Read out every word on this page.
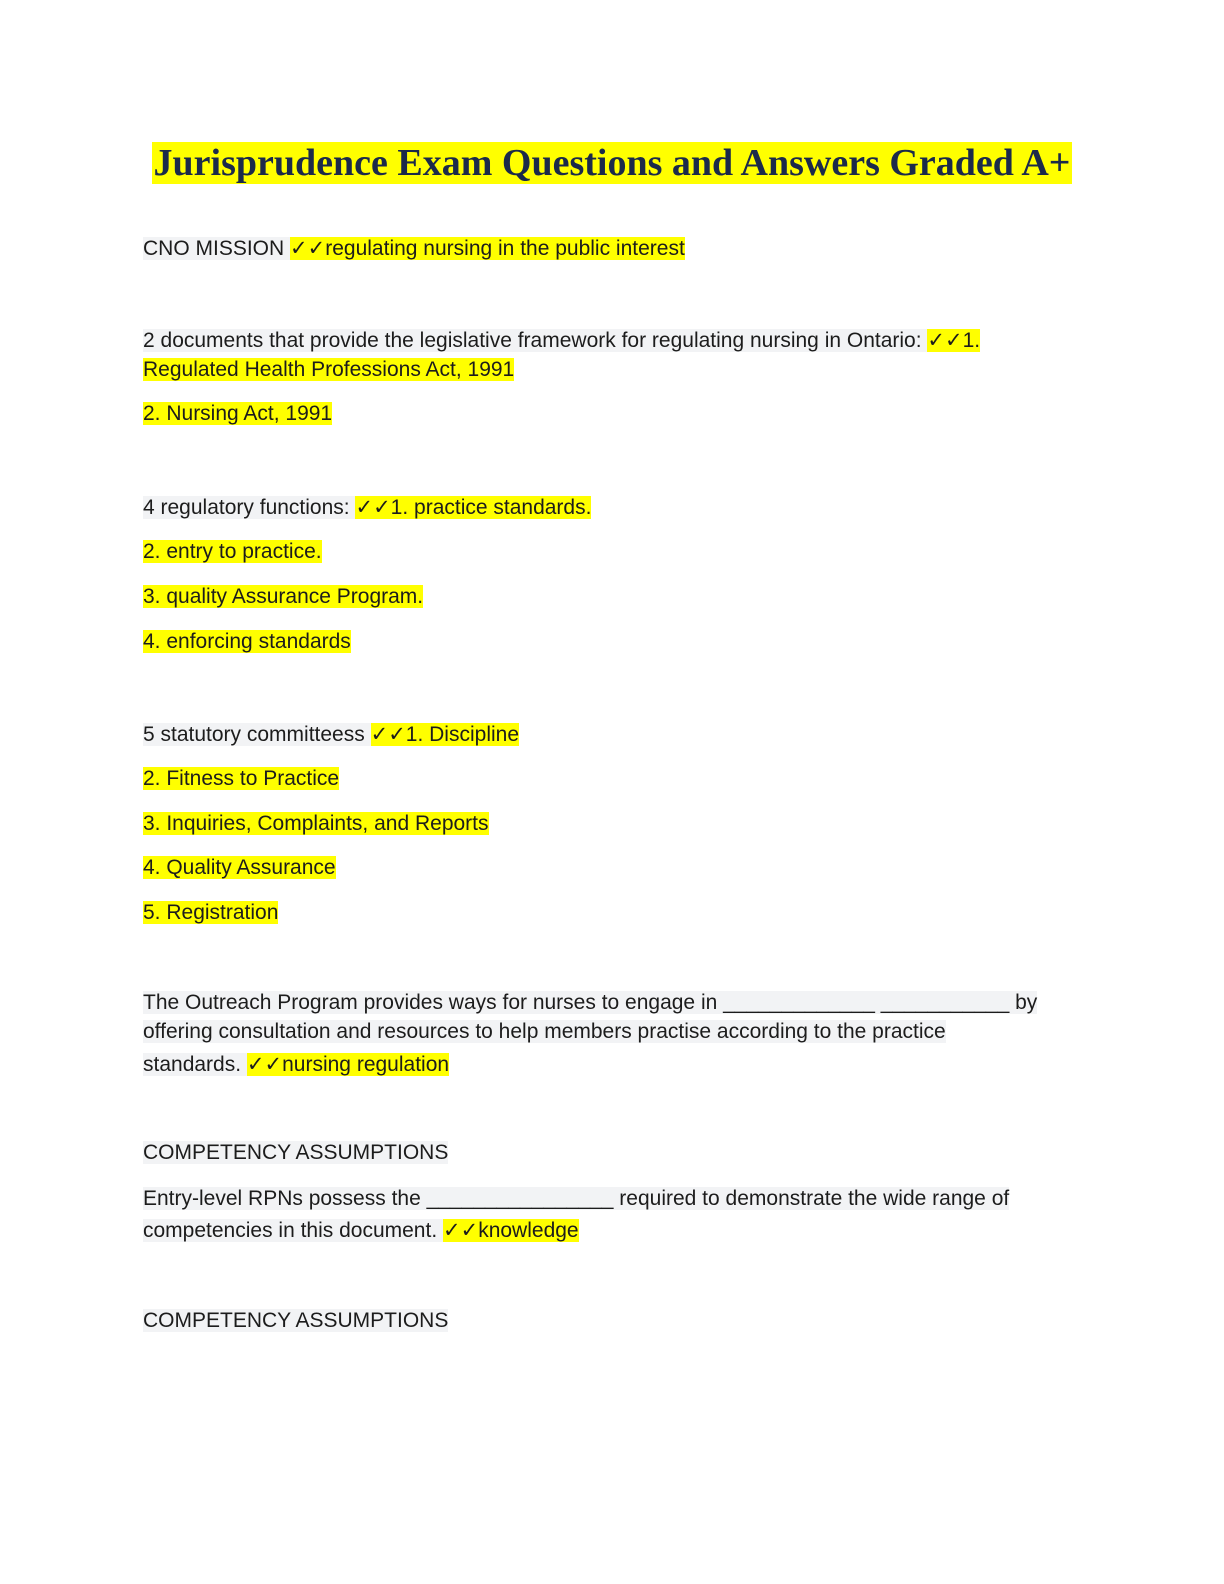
Jurisprudence Exam Questions and Answers Graded A+
CNO MISSION ✓✓regulating nursing in the public interest
2 documents that provide the legislative framework for regulating nursing in Ontario: ✓✓1.
Regulated Health Professions Act, 1991
2. Nursing Act, 1991
4 regulatory functions: ✓✓1. practice standards.
2. entry to practice.
3. quality Assurance Program.
4. enforcing standards
5 statutory committeess ✓✓1. Discipline
2. Fitness to Practice
3. Inquiries, Complaints, and Reports
4. Quality Assurance
5. Registration
The Outreach Program provides ways for nurses to engage in _____________ ___________ by
offering consultation and resources to help members practise according to the practice
standards. ✓✓nursing regulation
COMPETENCY ASSUMPTIONS
Entry-level RPNs possess the ________________ required to demonstrate the wide range of
competencies in this document. ✓✓knowledge
COMPETENCY ASSUMPTIONS
